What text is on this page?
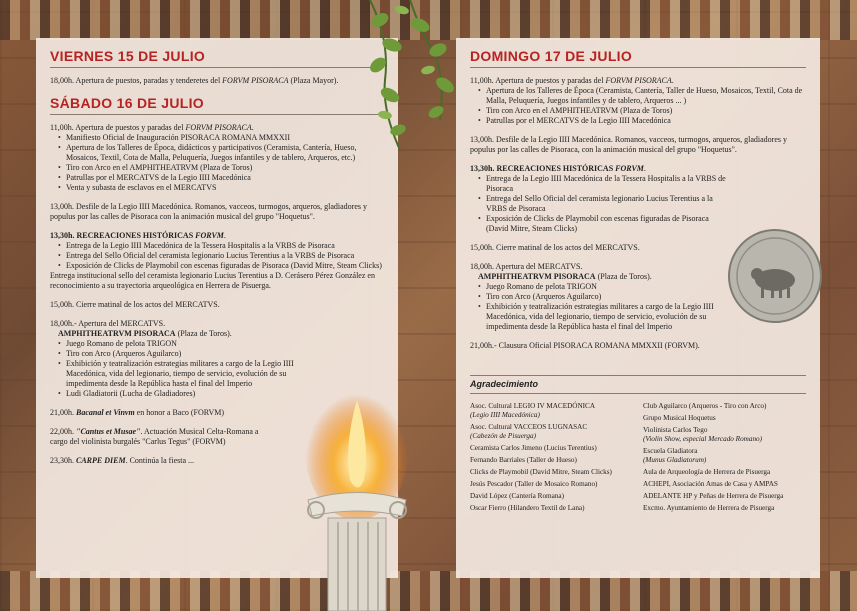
VIERNES 15 DE JULIO
18,00h. Apertura de puestos, paradas y tenderetes del FORVM PISORACA (Plaza Mayor).
SÁBADO 16 DE JULIO
11,00h. Apertura de puestos y paradas del FORVM PISORACA.
• Manifiesto Oficial de Inauguración PISORACA ROMANA MMXXII
• Apertura de los Talleres de Época, didácticos y participativos (Ceramista, Cantería, Hueso, Mosaicos, Textil, Cota de Malla, Peluquería, Juegos infantiles y de tablero, Arqueros, etc.)
• Tiro con Arco en el AMPHITHEATRVM (Plaza de Toros)
• Patrullas por el MERCATVS de la Legio IIII Macedónica
• Venta y subasta de esclavos en el MERCATVS
13,00h. Desfile de la Legio IIII Macedónica. Romanos, vacceos, turmogos, arqueros, gladiadores y populus por las calles de Pisoraca con la animación musical del grupo "Hoquetus".
13,30h. RECREACIONES HISTÓRICAS FORVM.
• Entrega de la Legio IIII Macedónica de la Tessera Hospitalis a la VRBS de Pisoraca
• Entrega del Sello Oficial del ceramista legionario Lucius Terentius a la VRBS de Pisoraca
• Exposición de Clicks de Playmobil con escenas figuradas de Pisoraca (David Mitre, Steam Clicks)
Entrega institucional sello del ceramista legionario Lucius Terentius a D. Cerásero Pérez González en reconocimiento a su trayectoria arqueológica en Herrera de Pisuerga.
15,00h. Cierre matinal de los actos del MERCATVS.
18,00h.- Apertura del MERCATVS.
AMPHITHEATRVM PISORACA (Plaza de Toros).
• Juego Romano de pelota TRIGON
• Tiro con Arco (Arqueros Aguilarco)
• Exhibición y teatralización estrategias militares a cargo de la Legio IIII Macedónica, vida del legionario, tiempo de servicio, evolución de su impedimenta desde la República hasta el final del Imperio
• Ludi Gladiatorii (Lucha de Gladiadores)
21,00h. Bacanal et Vinvm en honor a Baco (FORVM)
22,00h. "Cantus et Musae". Actuación Musical Celta-Romana a cargo del violinista burgalés "Carlus Tegus" (FORVM)
23,30h. CARPE DIEM. Continúa la fiesta ...
DOMINGO 17 DE JULIO
11,00h. Apertura de puestos y paradas del FORVM PISORACA.
• Apertura de los Talleres de Época (Ceramista, Cantería, Taller de Hueso, Mosaicos, Textil, Cota de Malla, Peluquería, Juegos infantiles y de tablero, Arqueros ... )
• Tiro con Arco en el AMPHITHEATRVM (Plaza de Toros)
• Patrullas por el MERCATVS de la Legio IIII Macedónica
13,00h. Desfile de la Legio IIII Macedónica. Romanos, vacceos, turmogos, arqueros, gladiadores y populus por las calles de Pisoraca, con la animación musical del grupo "Hoquetus".
13,30h. RECREACIONES HISTÓRICAS FORVM.
• Entrega de la Legio IIII Macedónica de la Tessera Hospitalis a la VRBS de Pisoraca
• Entrega del Sello Oficial del ceramista legionario Lucius Terentius a la VRBS de Pisoraca
• Exposición de Clicks de Playmobil con escenas figuradas de Pisoraca (David Mitre, Steam Clicks)
15,00h. Cierre matinal de los actos del MERCATVS.
18,00h. Apertura del MERCATVS.
AMPHITHEATRVM PISORACA (Plaza de Toros).
• Juego Romano de pelota TRIGON
• Tiro con Arco (Arqueros Aguilarco)
• Exhibición y teatralización estrategias militares a cargo de la Legio IIII Macedónica, vida del legionario, tiempo de servicio, evolución de su impedimenta desde la República hasta el final del Imperio
21,00h.- Clausura Oficial PISORACA ROMANA MMXXII (FORVM).
Agradecimiento
Asoc. Cultural LEGIO IV MACEDÓNICA
(Legio IIII Macedónica)
Asoc. Cultural VACCEOS LUGNASAC
(Cabezón de Pisuerga)
Ceramista Carlos Jimeno (Lucius Terentius)
Fernando Barriales (Taller de Hueso)
Clicks de Playmobil (David Mitre, Steam Clicks)
Jesús Pescador (Taller de Mosaico Romano)
David López (Cantería Romana)
Oscar Fierro (Hilandero Textil de Lana)
Club Aguilarco (Arqueros - Tiro con Arco)
Grupo Musical Hoquetus
Violinista Carlos Tego
(Violin Show, especial Mercado Romano)
Escuela Gladiatora
(Munus Gladiatorum)
Aula de Arqueología de Herrera de Pisuerga
ACHEPI, Asociación Amas de Casa y AMPAS
ADELANTE HP y Peñas de Herrera de Pisuerga
Excmo. Ayuntamiento de Herrera de Pisuerga
